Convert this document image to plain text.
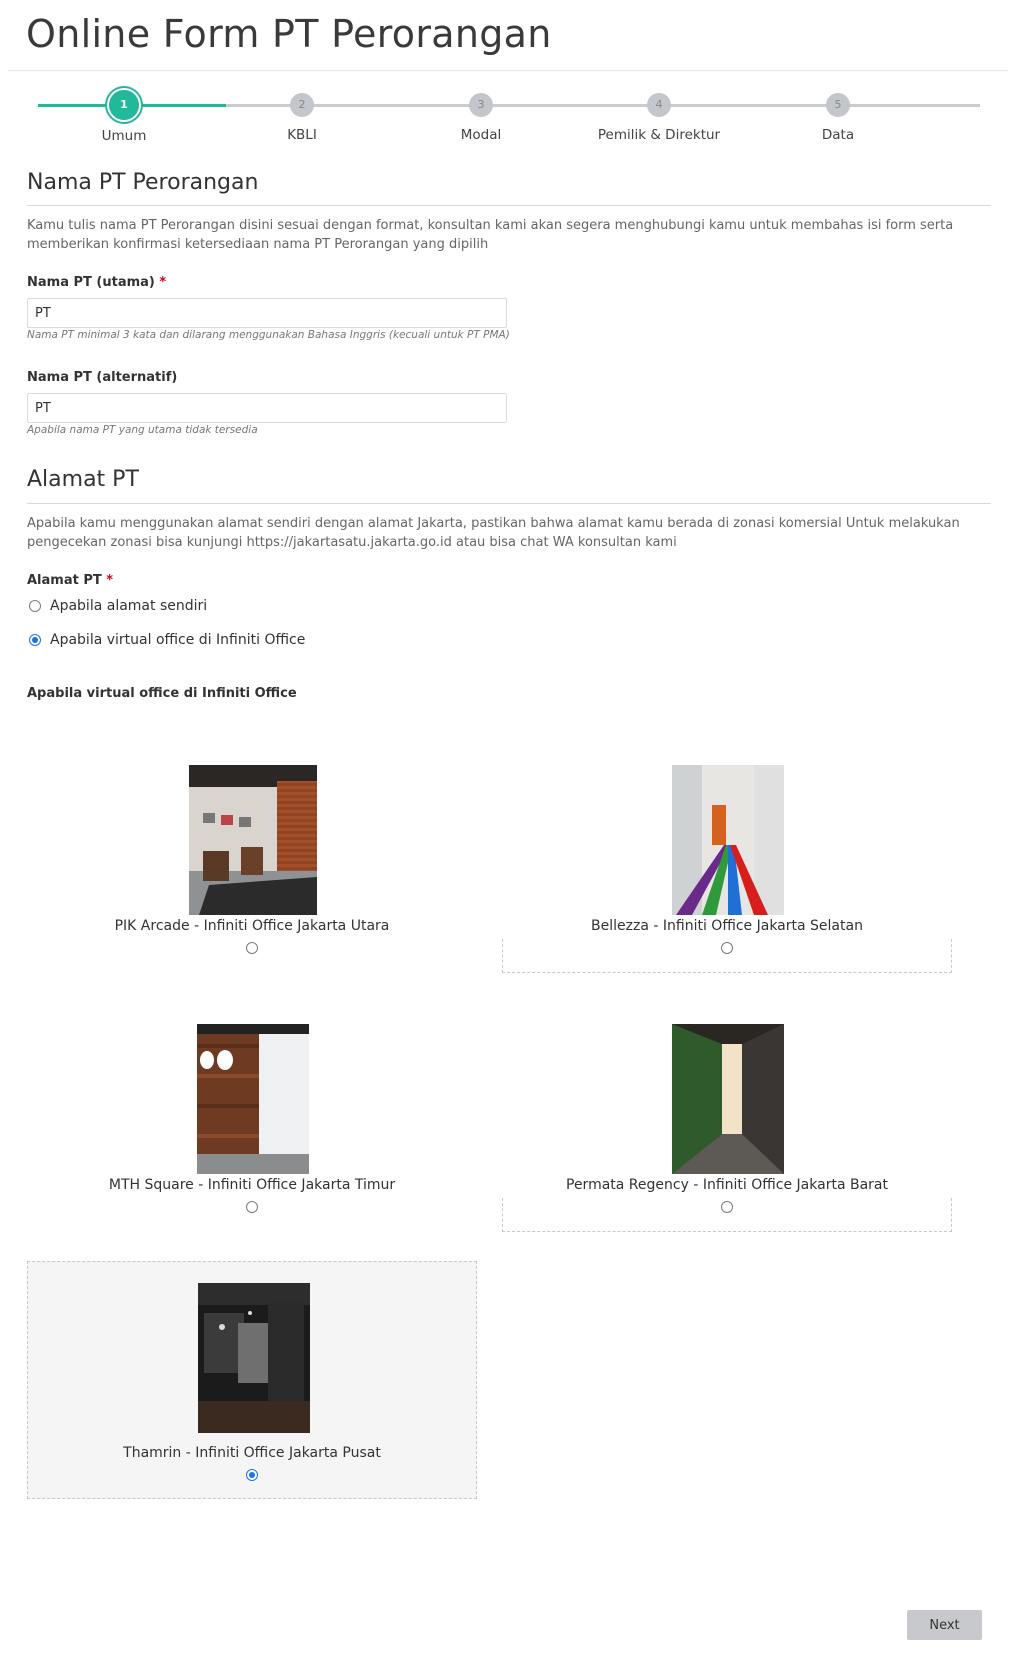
Online Form PT Perorangan
1
Umum
2
KBLI
3
Modal
4
Pemilik & Direktur
5
Data
Nama PT Perorangan
Kamu tulis nama PT Perorangan disini sesuai dengan format, konsultan kami akan segera menghubungi kamu untuk membahas isi form serta memberikan konfirmasi ketersediaan nama PT Perorangan yang dipilih
Nama PT (utama) *
PT
Nama PT minimal 3 kata dan dilarang menggunakan Bahasa Inggris (kecuali untuk PT PMA)
Nama PT (alternatif)
PT
Apabila nama PT yang utama tidak tersedia
Alamat PT
Apabila kamu menggunakan alamat sendiri dengan alamat Jakarta, pastikan bahwa alamat kamu berada di zonasi komersial Untuk melakukan pengecekan zonasi bisa kunjungi https://jakartasatu.jakarta.go.id atau bisa chat WA konsultan kami
Alamat PT *
Apabila alamat sendiri
Apabila virtual office di Infiniti Office
Apabila virtual office di Infiniti Office
PIK Arcade - Infiniti Office Jakarta Utara	Bellezza - Infiniti Office Jakarta Selatan
MTH Square - Infiniti Office Jakarta Timur	Permata Regency - Infiniti Office Jakarta Barat
Thamrin - Infiniti Office Jakarta Pusat
Next
